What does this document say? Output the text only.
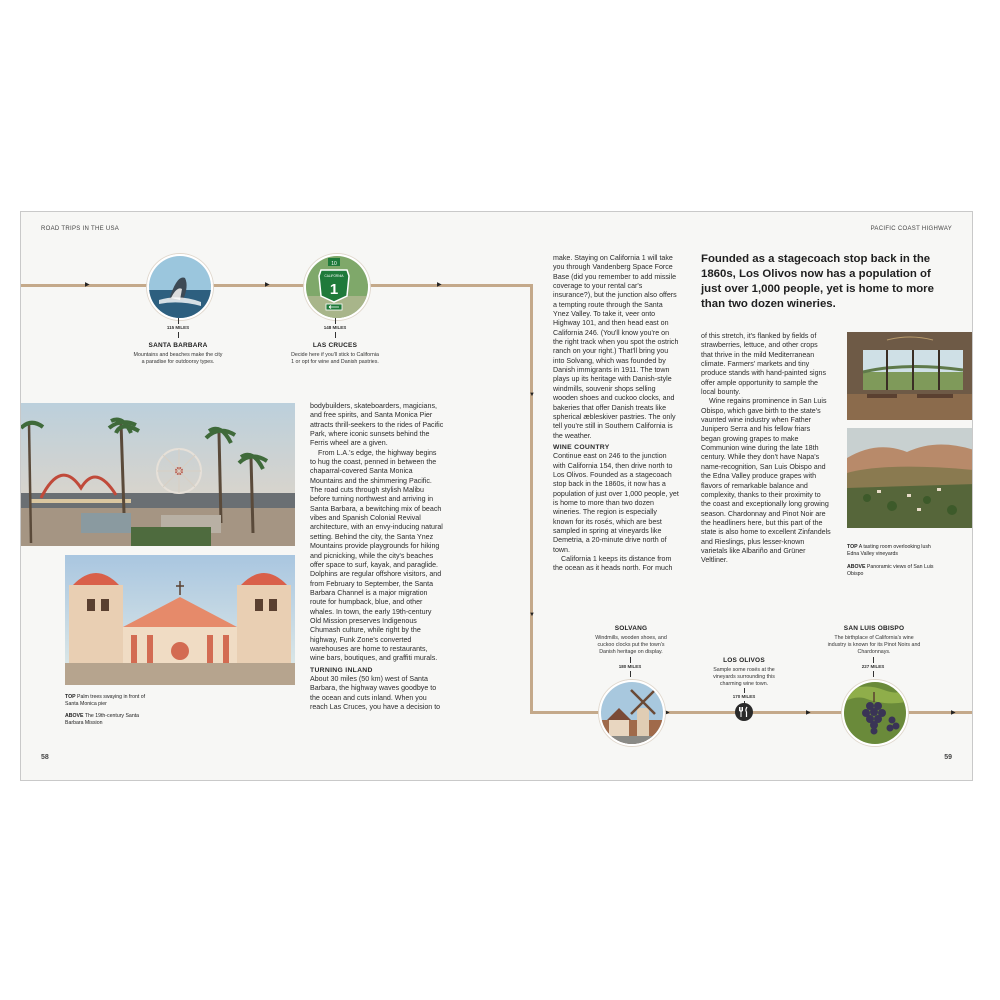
ROAD TRIPS IN THE USA	PACIFIC COAST HIGHWAY
58	59
▶	▶	▶
▼
▼
▶	▶	▶
115 MILES
SANTA BARBARA
Mountains and beaches make the city a paradise for outdoorsy types.
10
CALIFORNIA
1
148 MILES
LAS CRUCES
Decide here if you'll stick to California 1 or opt for wine and Danish pastries.
TOP Palm trees swaying in front of Santa Monica pier
ABOVE The 19th-century Santa Barbara Mission

bodybuilders, skateboarders, magicians, and free spirits, and Santa Monica Pier attracts thrill-seekers to the rides of Pacific Park, where iconic sunsets behind the Ferris wheel are a given.

From L.A.'s edge, the highway begins to hug the coast, penned in between the chaparral-covered Santa Monica Mountains and the shimmering Pacific. The road cuts through stylish Malibu before turning northwest and arriving in Santa Barbara, a bewitching mix of beach vibes and Spanish Colonial Revival architecture, with an envy-inducing natural setting. Behind the city, the Santa Ynez Mountains provide playgrounds for hiking and picnicking, while the city's beaches offer space to surf, kayak, and paraglide. Dolphins are regular offshore visitors, and from February to September, the Santa Barbara Channel is a major migration route for humpback, blue, and other whales. In town, the early 19th-century Old Mission preserves Indigenous Chumash culture, while right by the highway, Funk Zone's converted warehouses are home to restaurants, wine bars, boutiques, and graffiti murals.

TURNING INLAND

About 30 miles (50 km) west of Santa Barbara, the highway waves goodbye to the ocean and cuts inland. When you reach Las Cruces, you have a decision to

make. Staying on California 1 will take you through Vandenberg Space Force Base (did you remember to add missile coverage to your rental car's insurance?), but the junction also offers a tempting route through the Santa Ynez Valley. To take it, veer onto Highway 101, and then head east on California 246. (You'll know you're on the right track when you spot the ostrich ranch on your right.) That'll bring you into Solvang, which was founded by Danish immigrants in 1911. The town plays up its heritage with Danish-style windmills, souvenir shops selling wooden shoes and cuckoo clocks, and bakeries that offer Danish treats like spherical æbleskiver pastries. The only tell you're still in Southern California is the weather.

WINE COUNTRY

Continue east on 246 to the junction with California 154, then drive north to Los Olivos. Founded as a stagecoach stop back in the 1860s, it now has a population of just over 1,000 people, yet is home to more than two dozen wineries. The region is especially known for its rosés, which are best sampled in spring at vineyards like Demetria, a 20-minute drive north of town.

California 1 keeps its distance from the ocean as it heads north. For much

Founded as a stagecoach stop back in the 1860s, Los Olivos now has a population of just over 1,000 people, yet is home to more than two dozen wineries.

of this stretch, it's flanked by fields of strawberries, lettuce, and other crops that thrive in the mild Mediterranean climate. Farmers' markets and tiny produce stands with hand-painted signs offer ample opportunity to sample the local bounty.

Wine regains prominence in San Luis Obispo, which gave birth to the state's vaunted wine industry when Father Junipero Serra and his fellow friars began growing grapes to make Communion wine during the late 18th century. While they don't have Napa's name-recognition, San Luis Obispo and the Edna Valley produce grapes with flavors of remarkable balance and complexity, thanks to their proximity to the coast and exceptionally long growing season. Chardonnay and Pinot Noir are the headliners here, but this part of the state is also home to excellent Zinfandels and Rieslings, plus lesser-known varietals like Albariño and Grüner Veltliner.

TOP A tasting room overlooking lush Edna Valley vineyards
ABOVE Panoramic views of San Luis Obispo
SOLVANG
Windmills, wooden shoes, and cuckoo clocks put the town's Danish heritage on display.
180 MILES
LOS OLIVOS
Sample some rosés at the vineyards surrounding this charming wine town.
170 MILES
SAN LUIS OBISPO
The birthplace of California's wine industry is known for its Pinot Noirs and Chardonnays.
227 MILES
